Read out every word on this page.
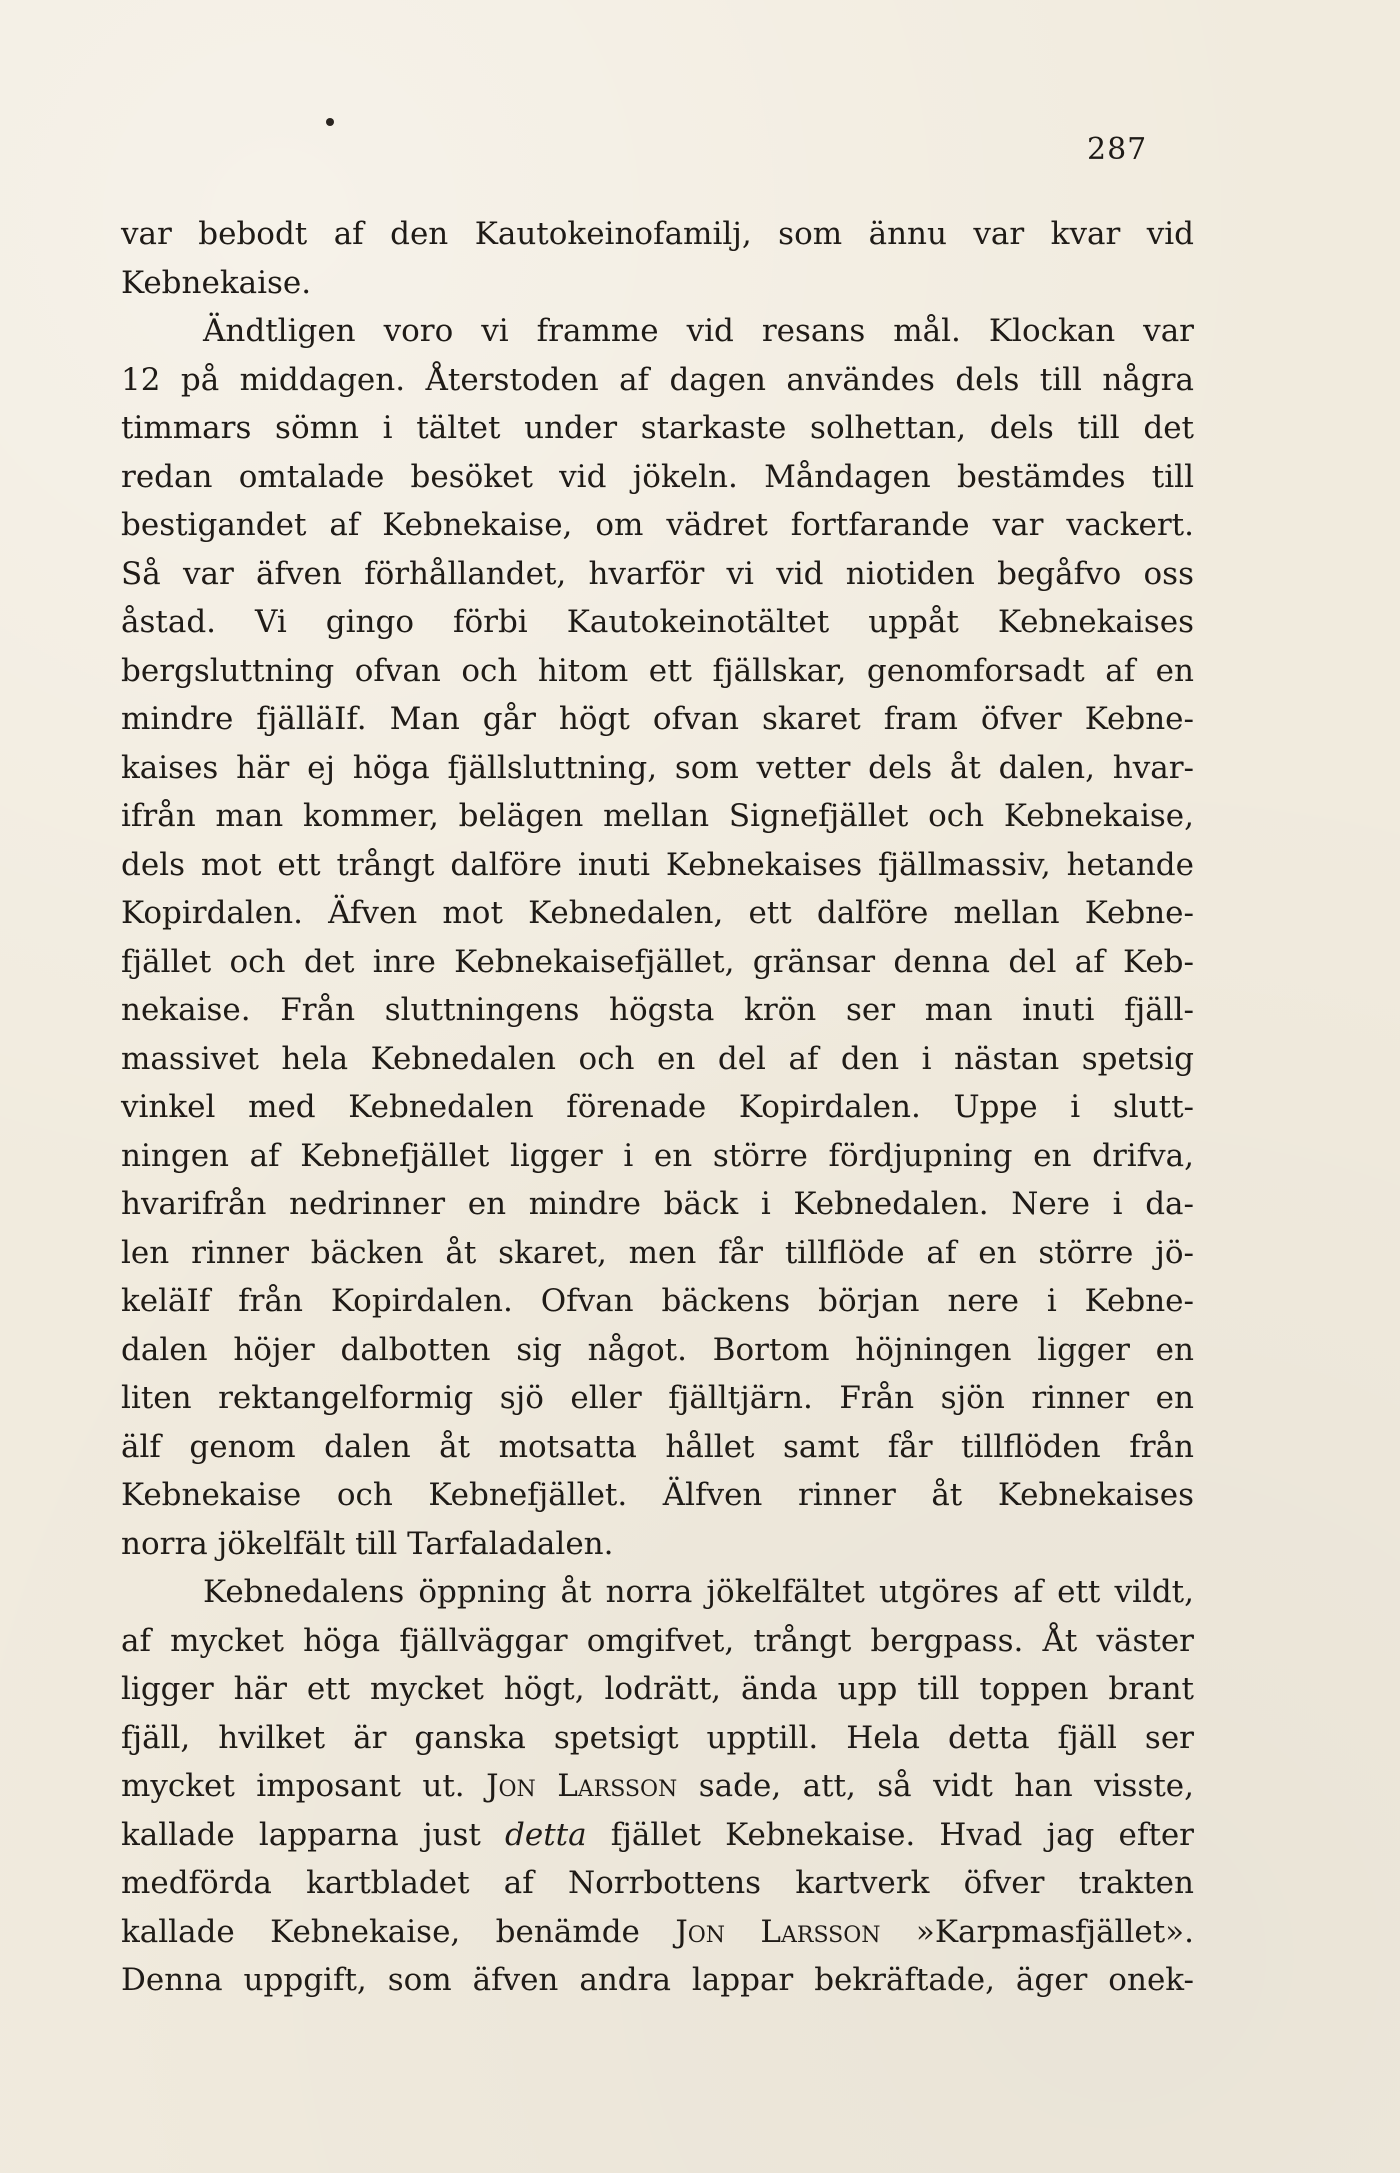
287
var bebodt af den Kautokeinofamilj, som ännu var kvar vid
Kebnekaise.
Ändtligen voro vi framme vid resans mål. Klockan var
12 på middagen. Återstoden af dagen användes dels till några
timmars sömn i tältet under starkaste solhettan, dels till det
redan omtalade besöket vid jökeln. Måndagen bestämdes till
bestigandet af Kebnekaise, om vädret fortfarande var vackert.
Så var äfven förhållandet, hvarför vi vid niotiden begåfvo oss
åstad. Vi gingo förbi Kautokeinotältet uppåt Kebnekaises
bergsluttning ofvan och hitom ett fjällskar, genomforsadt af en
mindre fjälläIf. Man går högt ofvan skaret fram öfver Kebne-
kaises här ej höga fjällsluttning, som vetter dels åt dalen, hvar-
ifrån man kommer, belägen mellan Signefjället och Kebnekaise,
dels mot ett trångt dalföre inuti Kebnekaises fjällmassiv, hetande
Kopirdalen. Äfven mot Kebnedalen, ett dalföre mellan Kebne-
fjället och det inre Kebnekaisefjället, gränsar denna del af Keb-
nekaise. Från sluttningens högsta krön ser man inuti fjäll-
massivet hela Kebnedalen och en del af den i nästan spetsig
vinkel med Kebnedalen förenade Kopirdalen. Uppe i slutt-
ningen af Kebnefjället ligger i en större fördjupning en drifva,
hvarifrån nedrinner en mindre bäck i Kebnedalen. Nere i da-
len rinner bäcken åt skaret, men får tillflöde af en större jö-
keläIf från Kopirdalen. Ofvan bäckens början nere i Kebne-
dalen höjer dalbotten sig något. Bortom höjningen ligger en
liten rektangelformig sjö eller fjälltjärn. Från sjön rinner en
älf genom dalen åt motsatta hållet samt får tillflöden från
Kebnekaise och Kebnefjället. Älfven rinner åt Kebnekaises
norra jökelfält till Tarfaladalen.
Kebnedalens öppning åt norra jökelfältet utgöres af ett vildt,
af mycket höga fjällväggar omgifvet, trångt bergpass. Åt väster
ligger här ett mycket högt, lodrätt, ända upp till toppen brant
fjäll, hvilket är ganska spetsigt upptill. Hela detta fjäll ser
mycket imposant ut. Jon Larsson sade, att, så vidt han visste,
kallade lapparna just detta fjället Kebnekaise. Hvad jag efter
medförda kartbladet af Norrbottens kartverk öfver trakten
kallade Kebnekaise, benämde Jon Larsson »Karpmasfjället».
Denna uppgift, som äfven andra lappar bekräftade, äger onek-
